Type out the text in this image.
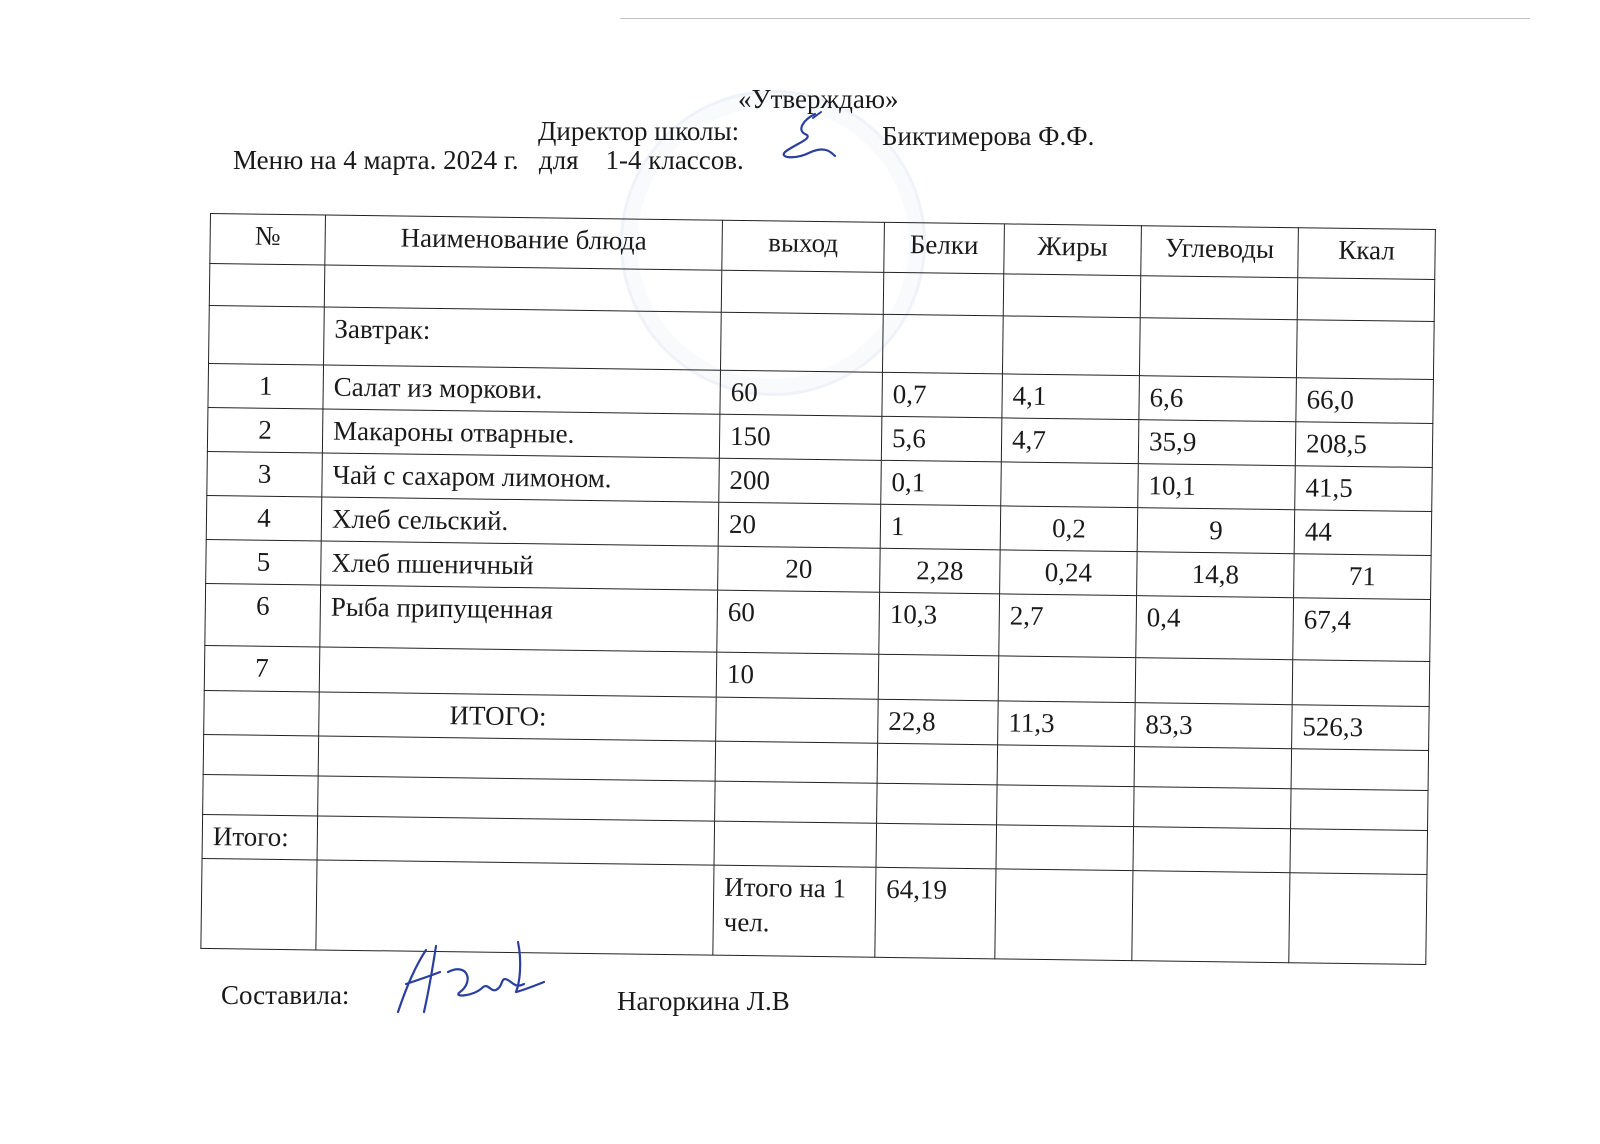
«Утверждаю»
Директор школы:	Биктимерова Ф.Ф.
Меню на 4 марта. 2024 г.   для    1-4 классов.
№	Наименование блюда	выход	Белки	Жиры	Углеводы	Ккал

	Завтрак:					
1	Салат из моркови.	60	0,7	4,1	6,6	66,0
2	Макароны отварные.	150	5,6	4,7	35,9	208,5
3	Чай с сахаром лимоном.	200	0,1		10,1	41,5
4	Хлеб сельский.	20	1	0,2	9	44
5	Хлеб пшеничный	20	2,28	0,24	14,8	71
6	Рыба припущенная	60	10,3	2,7	0,4	67,4
7		10				
	ИТОГО:		22,8	11,3	83,3	526,3

Итого:						
		Итого на 1 чел.	64,19			
Составила:	Нагоркина Л.В
